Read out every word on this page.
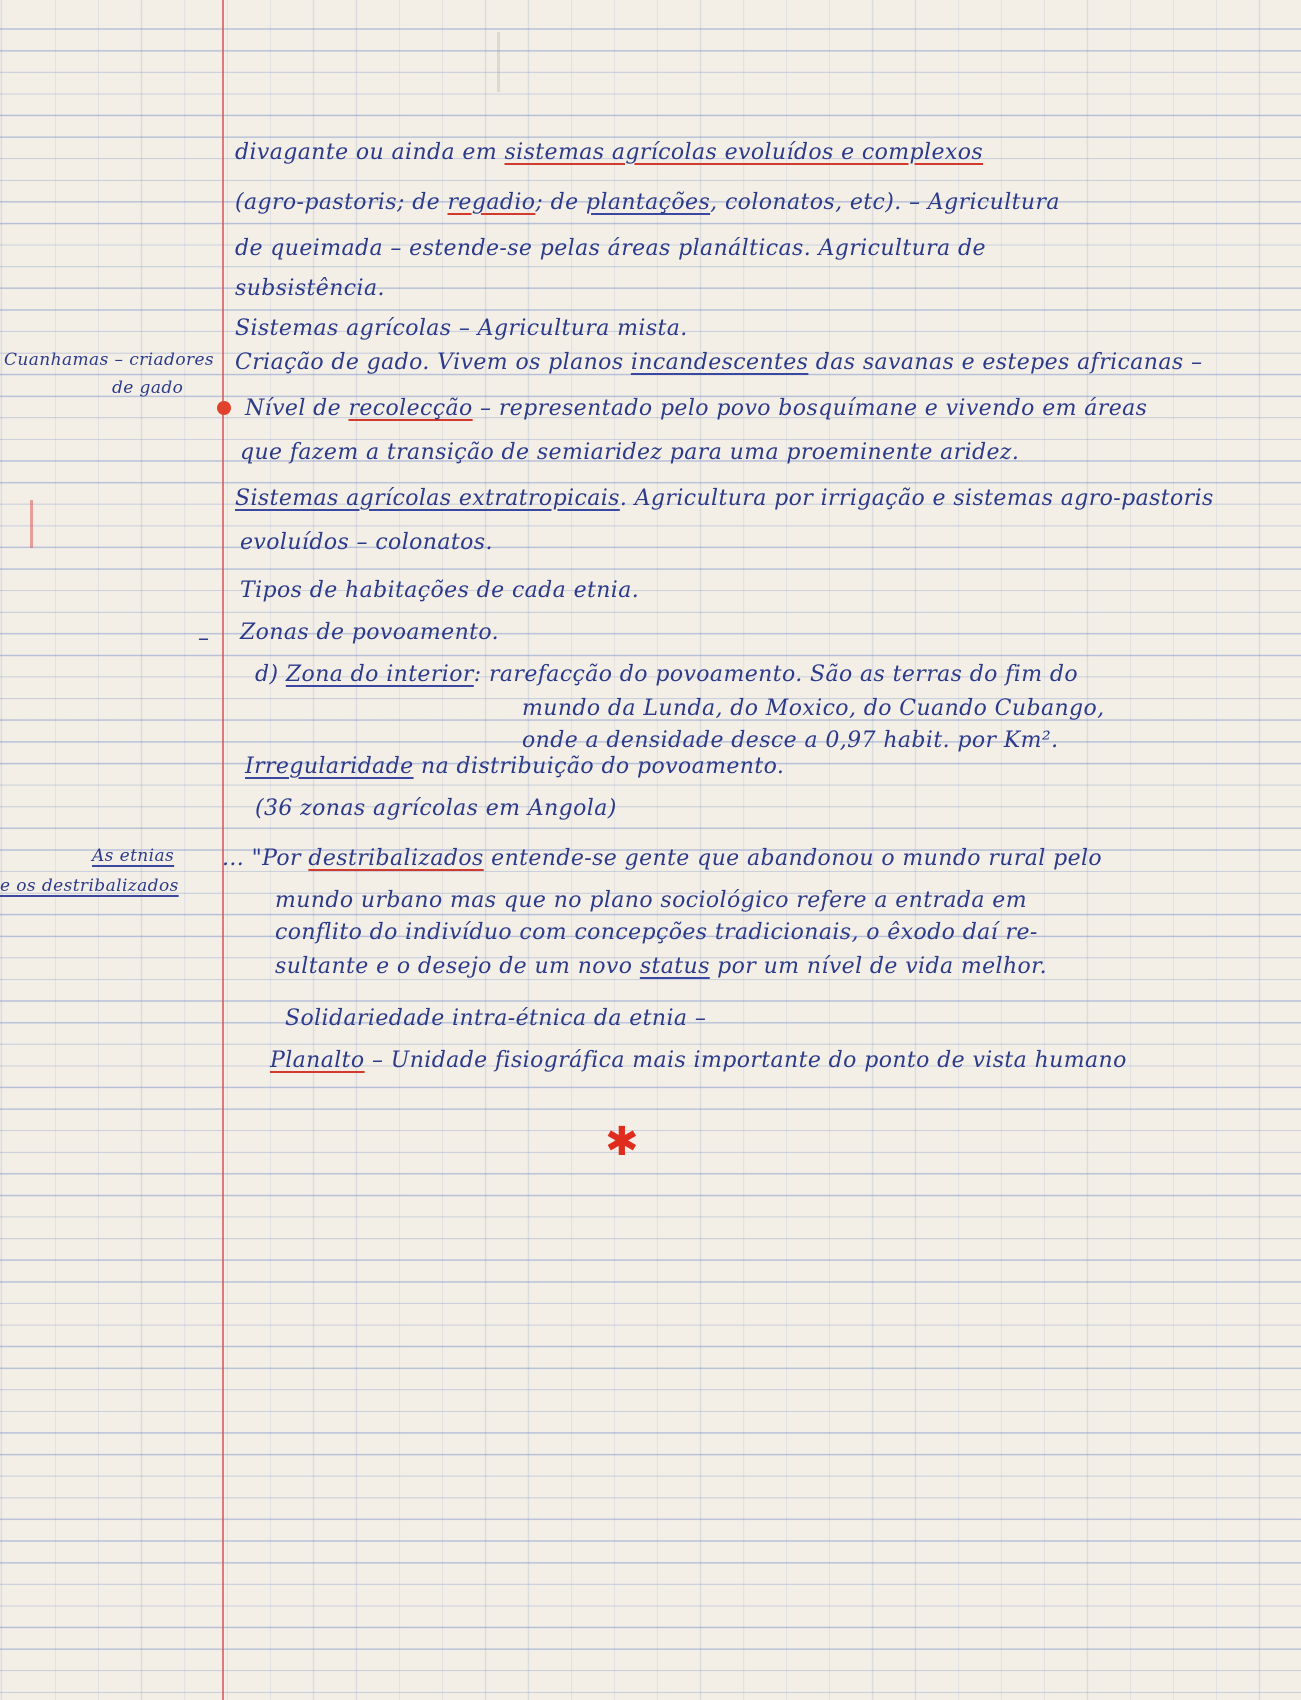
divagante ou ainda em sistemas agrícolas evoluídos e complexos
(agro-pastoris; de regadio; de plantações, colonatos, etc). – Agricultura
de queimada – estende-se pelas áreas planálticas. Agricultura de
subsistência.
Sistemas agrícolas – Agricultura mista.
Criação de gado. Vivem os planos incandescentes das savanas e estepes africanas –
Nível de recolecção – representado pelo povo bosquímane e vivendo em áreas
que fazem a transição de semiaridez para uma proeminente aridez.
Sistemas agrícolas extratropicais. Agricultura por irrigação e sistemas agro-pastoris
evoluídos – colonatos.
Tipos de habitações de cada etnia.
Zonas de povoamento.
d) Zona do interior: rarefacção do povoamento. São as terras do fim do
mundo da Lunda, do Moxico, do Cuando Cubango,
onde a densidade desce a 0,97 habit. por Km².
Irregularidade na distribuição do povoamento.
(36 zonas agrícolas em Angola)
... "Por destribalizados entende-se gente que abandonou o mundo rural pelo
mundo urbano mas que no plano sociológico refere a entrada em
conflito do indivíduo com concepções tradicionais, o êxodo daí re-
sultante e o desejo de um novo status por um nível de vida melhor.
Solidariedade intra-étnica da etnia –
Planalto – Unidade fisiográfica mais importante do ponto de vista humano
Cuanhamas – criadores
de gado
As etnias
e os destribalizados
–
✱
